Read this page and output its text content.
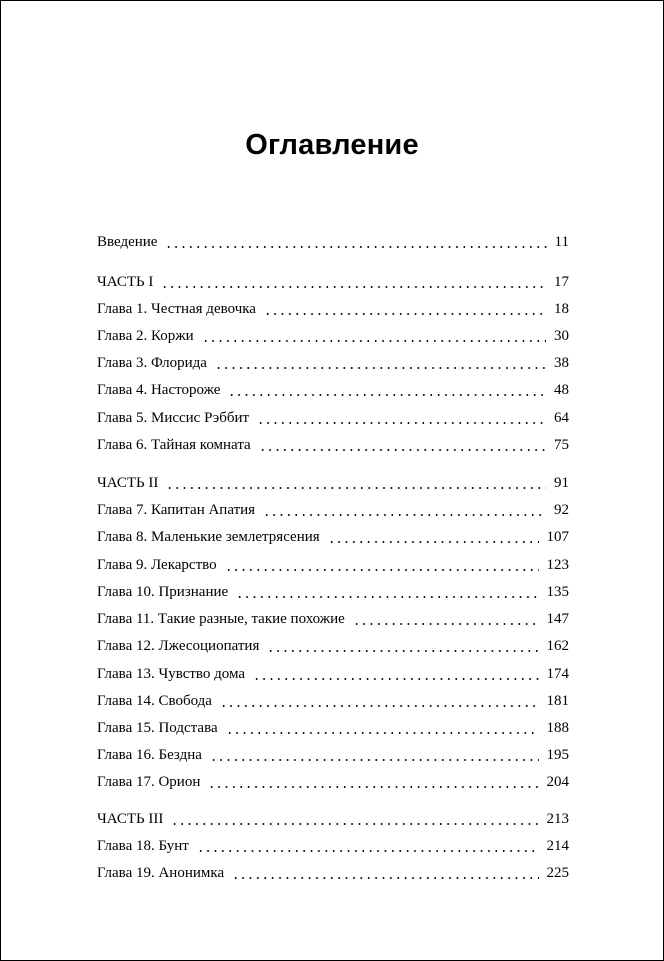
Оглавление
Введение	11
ЧАСТЬ I	17
Глава 1. Честная девочка	18
Глава 2. Коржи	30
Глава 3. Флорида	38
Глава 4. Настороже	48
Глава 5. Миссис Рэббит	64
Глава 6. Тайная комната	75
ЧАСТЬ II	91
Глава 7. Капитан Апатия	92
Глава 8. Маленькие землетрясения	107
Глава 9. Лекарство	123
Глава 10. Признание	135
Глава 11. Такие разные, такие похожие	147
Глава 12. Лжесоциопатия	162
Глава 13. Чувство дома	174
Глава 14. Свобода	181
Глава 15. Подстава	188
Глава 16. Бездна	195
Глава 17. Орион	204
ЧАСТЬ III	213
Глава 18. Бунт	214
Глава 19. Анонимка	225
